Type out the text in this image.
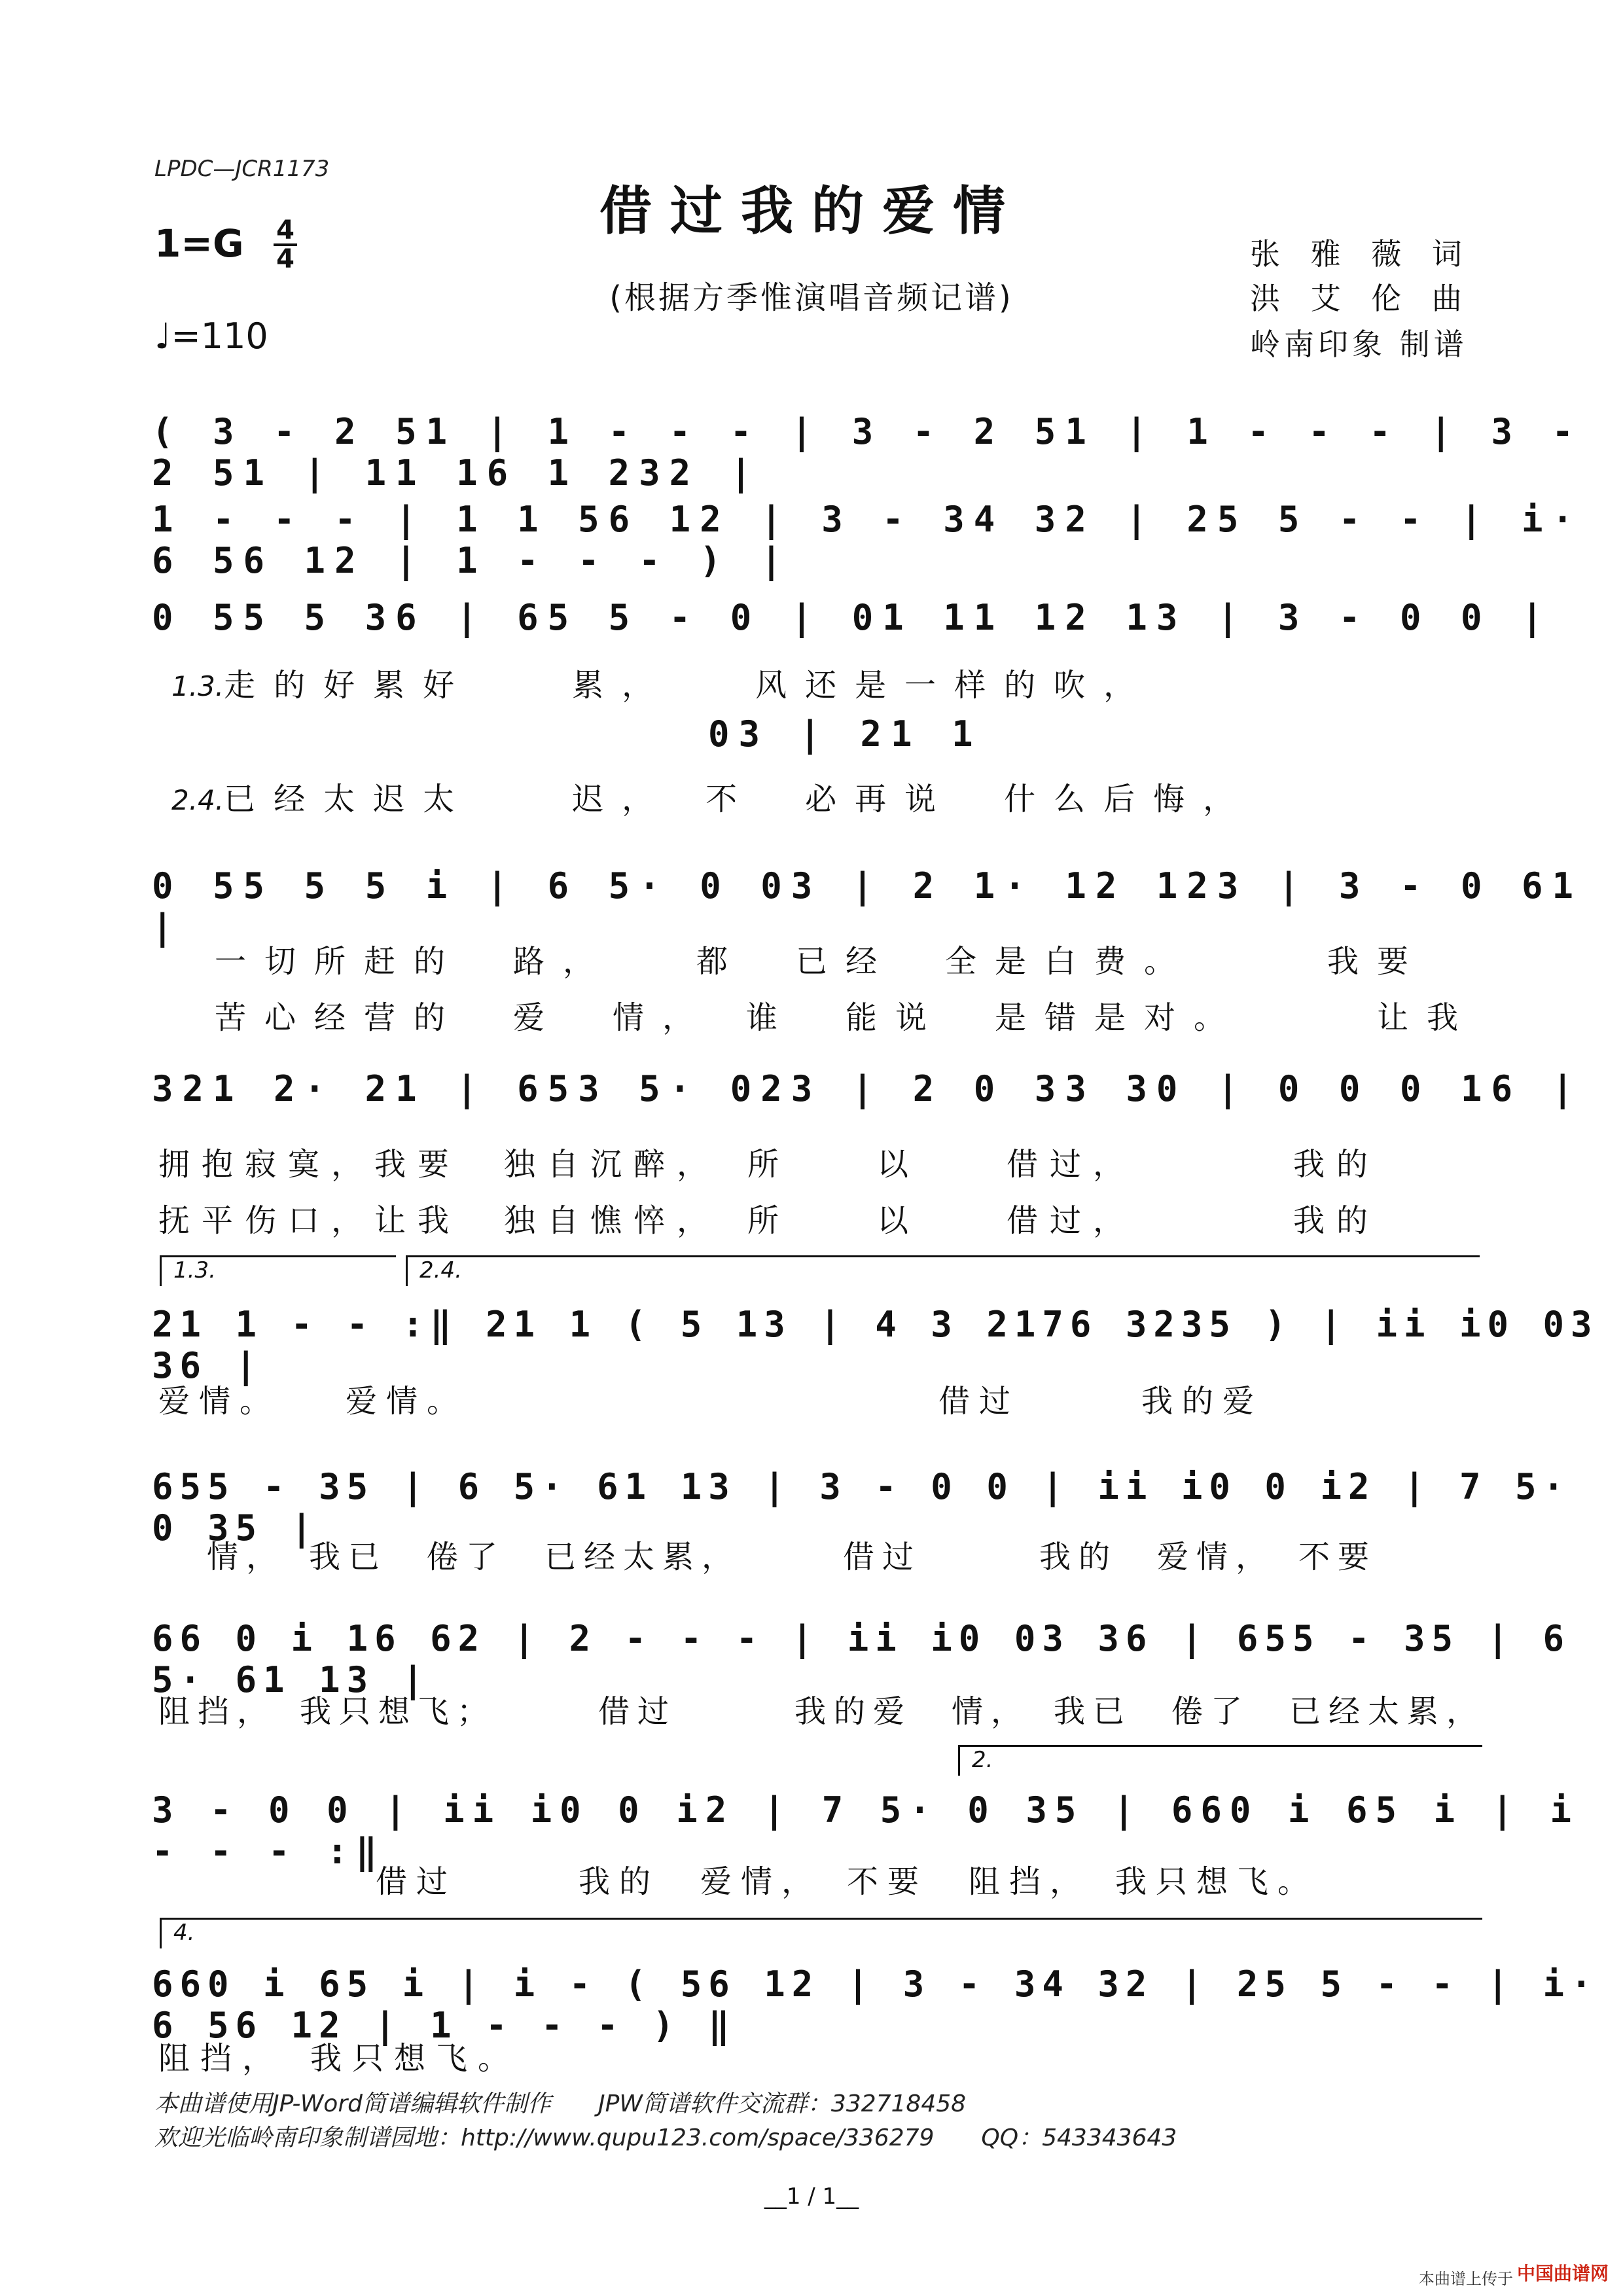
LPDC—JCR1173
借过我的爱情
(根据方季惟演唱音频记谱)
1=G 4
4
♩=110
张 雅 薇 词
洪 艾 伦 曲
岭南印象 制谱
( 3 - 2 51 | 1 - - - | 3 - 2 51 | 1 - - - | 3 - 2 51 | 11 16 1 232 |
1 - - - | 1 1 56 12 | 3 - 34 32 | 25 5 - - | i· 6 56 12 | 1 - - - ) |
0 55 5 36 | 65 5 - 0 | 01 11 12 13 | 3 - 0 0 |
1.3.走的好累好　　累，　　风还是一样的吹，
03 | 21 1
2.4.已经太迟太　　迟，　不　必再说　什么后悔，
0 55 5 5 i | 6 5· 0 03 | 2 1· 12 123 | 3 - 0 61 |
一切所赶的　路，　　都　已经　全是白费。　　　我要
苦心经营的　爱　情，　谁　能说　是错是对。　　　让我
321 2· 21 | 653 5· 023 | 2 0 33 30 | 0 0 0 16 |
拥抱寂寞，我要　独自沉醉，　所　　以　　借过，　　　　我的
抚平伤口，让我　独自憔悴，　所　　以　　借过，　　　　我的
1.3.	2.4.
21 1 - - :‖ 21 1 ( 5 13 | 4 3 2176 3235 ) | ii i0 03 36 |
爱情。　　爱情。　　　　　　　　　　　　借过　　　我的爱
655 - 35 | 6 5· 61 13 | 3 - 0 0 | ii i0 0 i2 | 7 5· 0 35 |
情，　我已　倦了　已经太累，　　　借过　　　我的　爱情，　不要
66 0 i 16 62 | 2 - - - | ii i0 03 36 | 655 - 35 | 6 5· 61 13 |
阻挡，　我只想飞；　　　借过　　　我的爱　情，　我已　倦了　已经太累，
2.
3 - 0 0 | ii i0 0 i2 | 7 5· 0 35 | 660 i 65 i | i - - - :‖
借过　　　我的　爱情，　不要　阻挡，　我只想飞。
4.
660 i 65 i | i - ( 56 12 | 3 - 34 32 | 25 5 - - | i· 6 56 12 | 1 - - - ) ‖
阻挡，　我只想飞。
本曲谱使用JP-Word简谱编辑软件制作　　JPW简谱软件交流群：332718458
欢迎光临岭南印象制谱园地：http://www.qupu123.com/space/336279　　QQ：543343643
__1 / 1__
本曲谱上传于 中国曲谱网
